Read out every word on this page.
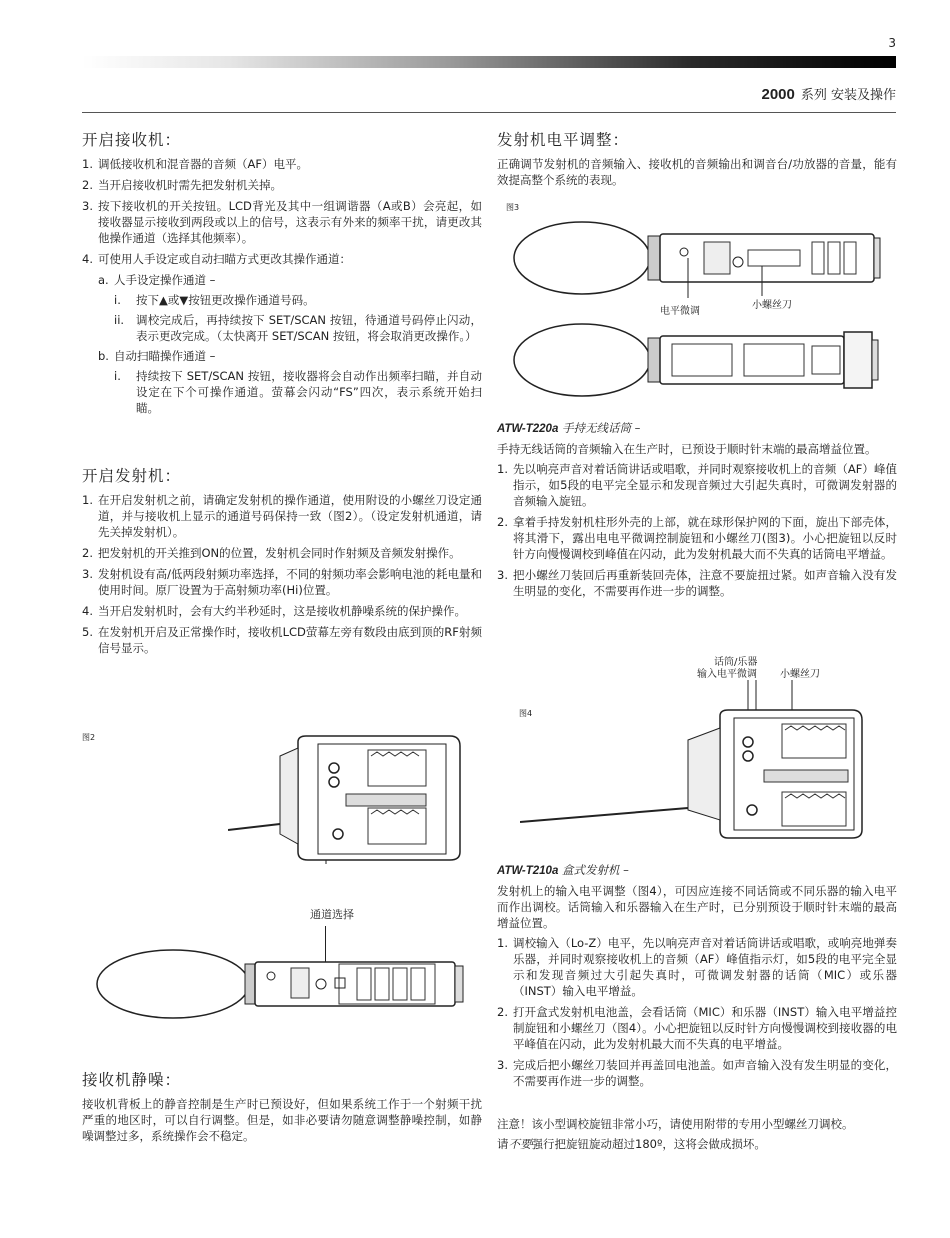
3
2000 系列 安装及操作
开启接收机：
1. 调低接收机和混音器的音频（AF）电平。
2. 当开启接收机时需先把发射机关掉。
3. 按下接收机的开关按钮。LCD背光及其中一组调谐器（A或B）会亮起，如接收器显示接收到两段或以上的信号，这表示有外来的频率干扰，请更改其他操作通道（选择其他频率）。
4. 可使用人手设定或自动扫瞄方式更改其操作通道：
a. 人手设定操作通道 –
i. 按下▲或▼按钮更改操作通道号码。
ii. 调校完成后，再持续按下 SET/SCAN 按钮，待通道号码停止闪动，表示更改完成。（太快离开 SET/SCAN 按钮，将会取消更改操作。）
b. 自动扫瞄操作通道 –
i. 持续按下 SET/SCAN 按钮，接收器将会自动作出频率扫瞄，并自动设定在下个可操作通道。萤幕会闪动“FS”四次，表示系统开始扫瞄。
开启发射机：
1. 在开启发射机之前，请确定发射机的操作通道，使用附设的小螺丝刀设定通道，并与接收机上显示的通道号码保持一致（图2）。（设定发射机通道，请先关掉发射机）。
2. 把发射机的开关推到ON的位置，发射机会同时作射频及音频发射操作。
3. 发射机设有高/低两段射频功率选择，不同的射频功率会影响电池的耗电量和使用时间。原厂设置为于高射频功率(Hi)位置。
4. 当开启发射机时，会有大约半秒延时，这是接收机静噪系统的保护操作。
5. 在发射机开启及正常操作时，接收机LCD萤幕左旁有数段由底到顶的RF射频信号显示。
图2
通道选择
接收机静噪：
接收机背板上的静音控制是生产时已预设好，但如果系统工作于一个射频干扰严重的地区时，可以自行调整。但是，如非必要请勿随意调整静噪控制，如静噪调整过多，系统操作会不稳定。
发射机电平调整：
正确调节发射机的音频输入、接收机的音频输出和调音台/功放器的音量，能有效提高整个系统的表现。
图3
电平微调
小螺丝刀
ATW-T220a 手持无线话筒 –
手持无线话筒的音频输入在生产时，已预设于顺时针末端的最高增益位置。
1. 先以响亮声音对着话筒讲话或唱歌，并同时观察接收机上的音频（AF）峰值指示，如5段的电平完全显示和发现音频过大引起失真时，可微调发射器的音频输入旋钮。
2. 拿着手持发射机柱形外壳的上部，就在球形保护网的下面，旋出下部壳体，将其滑下，露出电电平微调控制旋钮和小螺丝刀(图3)。小心把旋钮以反时针方向慢慢调校到峰值在闪动，此为发射机最大而不失真的话筒电平增益。
3. 把小螺丝刀装回后再重新装回壳体，注意不要旋扭过紧。如声音输入没有发生明显的变化，不需要再作进一步的调整。
话筒/乐器
输入电平微调 小螺丝刀
图4
ATW-T210a 盒式发射机 –
发射机上的输入电平调整（图4），可因应连接不同话筒或不同乐器的输入电平而作出调校。话筒输入和乐器输入在生产时，已分别预设于顺时针末端的最高增益位置。
1. 调校输入（Lo-Z）电平，先以响亮声音对着话筒讲话或唱歌，或响亮地弹奏乐器，并同时观察接收机上的音频（AF）峰值指示灯，如5段的电平完全显示和发现音频过大引起失真时，可微调发射器的话筒（MIC）或乐器（INST）输入电平增益。
2. 打开盒式发射机电池盖，会看话筒（MIC）和乐器（INST）输入电平增益控制旋钮和小螺丝刀（图4）。小心把旋钮以反时针方向慢慢调校到接收器的电平峰值在闪动，此为发射机最大而不失真的电平增益。
3. 完成后把小螺丝刀装回并再盖回电池盖。如声音输入没有发生明显的变化，不需要再作进一步的调整。
注意！该小型调校旋钮非常小巧，请使用附带的专用小型螺丝刀调校。
请不要强行把旋钮旋动超过180º，这将会做成损坏。
